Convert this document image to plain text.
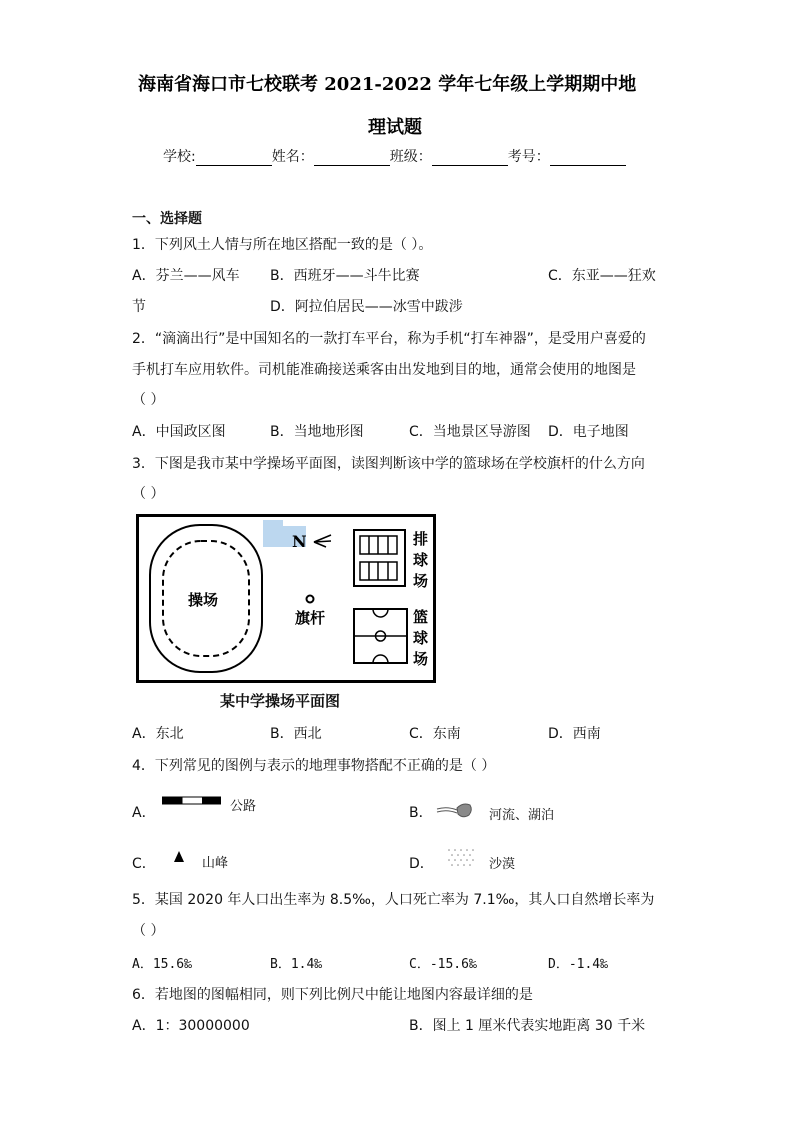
海南省海口市七校联考 2021-2022 学年七年级上学期期中地
理试题
学校:	姓名：	班级：	考号：
一、选择题
1．下列风土人情与所在地区搭配一致的是（ ）。
A．芬兰——风车 B．西班牙——斗牛比赛	C．东亚——狂欢
节	D．阿拉伯居民——冰雪中跋涉
2．“滴滴出行”是中国知名的一款打车平台，称为手机“打车神器”，是受用户喜爱的
手机打车应用软件。司机能准确接送乘客由出发地到目的地，通常会使用的地图是
（ ）
A．中国政区图	B．当地地形图	C．当地景区导游图 D．电子地图
3．下图是我市某中学操场平面图，读图判断该中学的篮球场在学校旗杆的什么方向
（ ）
操场
N
旗杆
排
球
场
篮
球
场
某中学操场平面图
A．东北	B．西北	C．东南	D．西南
4．下列常见的图例与表示的地理事物搭配不正确的是（ ）
A．	公路	B．	河流、湖泊
C．	山峰	D．	沙漠
5．某国 2020 年人口出生率为 8.5‰，人口死亡率为 7.1‰，其人口自然增长率为
（ ）
A．15.6‰	B．1.4‰	C．-15.6‰	D．-1.4‰
6．若地图的图幅相同，则下列比例尺中能让地图内容最详细的是
A．1：30000000	B．图上 1 厘米代表实地距离 30 千米
